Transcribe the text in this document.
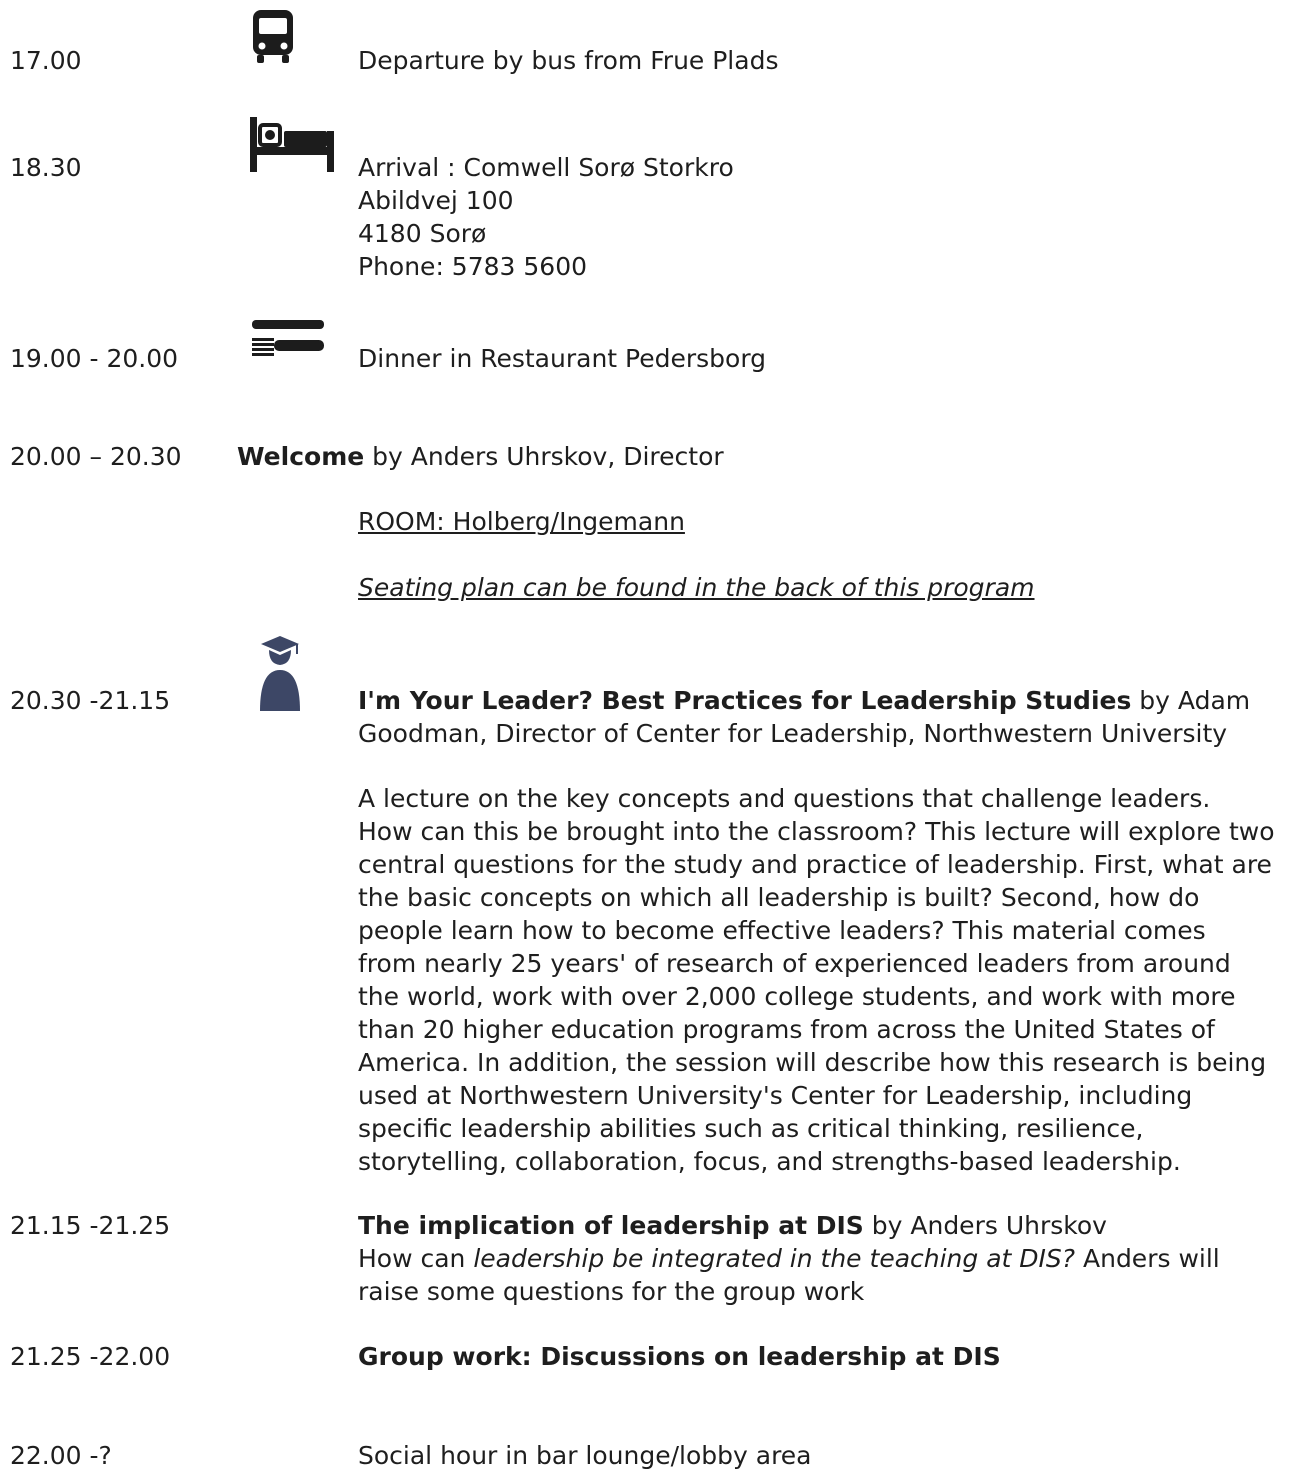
17.00	Departure by bus from Frue Plads
18.30	Arrival : Comwell Sorø Storkro
Abildvej 100
4180 Sorø
Phone: 5783 5600
19.00 - 20.00	Dinner in Restaurant Pedersborg
20.00 – 20.30 Welcome by Anders Uhrskov, Director
ROOM: Holberg/Ingemann
Seating plan can be found in the back of this program
20.30 -21.15	I'm Your Leader? Best Practices for Leadership Studies by Adam Goodman, Director of Center for Leadership, Northwestern University
A lecture on the key concepts and questions that challenge leaders.
How can this be brought into the classroom? This lecture will explore two
central questions for the study and practice of leadership. First, what are
the basic concepts on which all leadership is built? Second, how do
people learn how to become effective leaders? This material comes
from nearly 25 years' of research of experienced leaders from around
the world, work with over 2,000 college students, and work with more
than 20 higher education programs from across the United States of
America. In addition, the session will describe how this research is being
used at Northwestern University's Center for Leadership, including
specific leadership abilities such as critical thinking, resilience,
storytelling, collaboration, focus, and strengths-based leadership.
21.15 -21.25	The implication of leadership at DIS by Anders Uhrskov
How can leadership be integrated in the teaching at DIS? Anders will
raise some questions for the group work
21.25 -22.00	Group work: Discussions on leadership at DIS
22.00 -?	Social hour in bar lounge/lobby area
